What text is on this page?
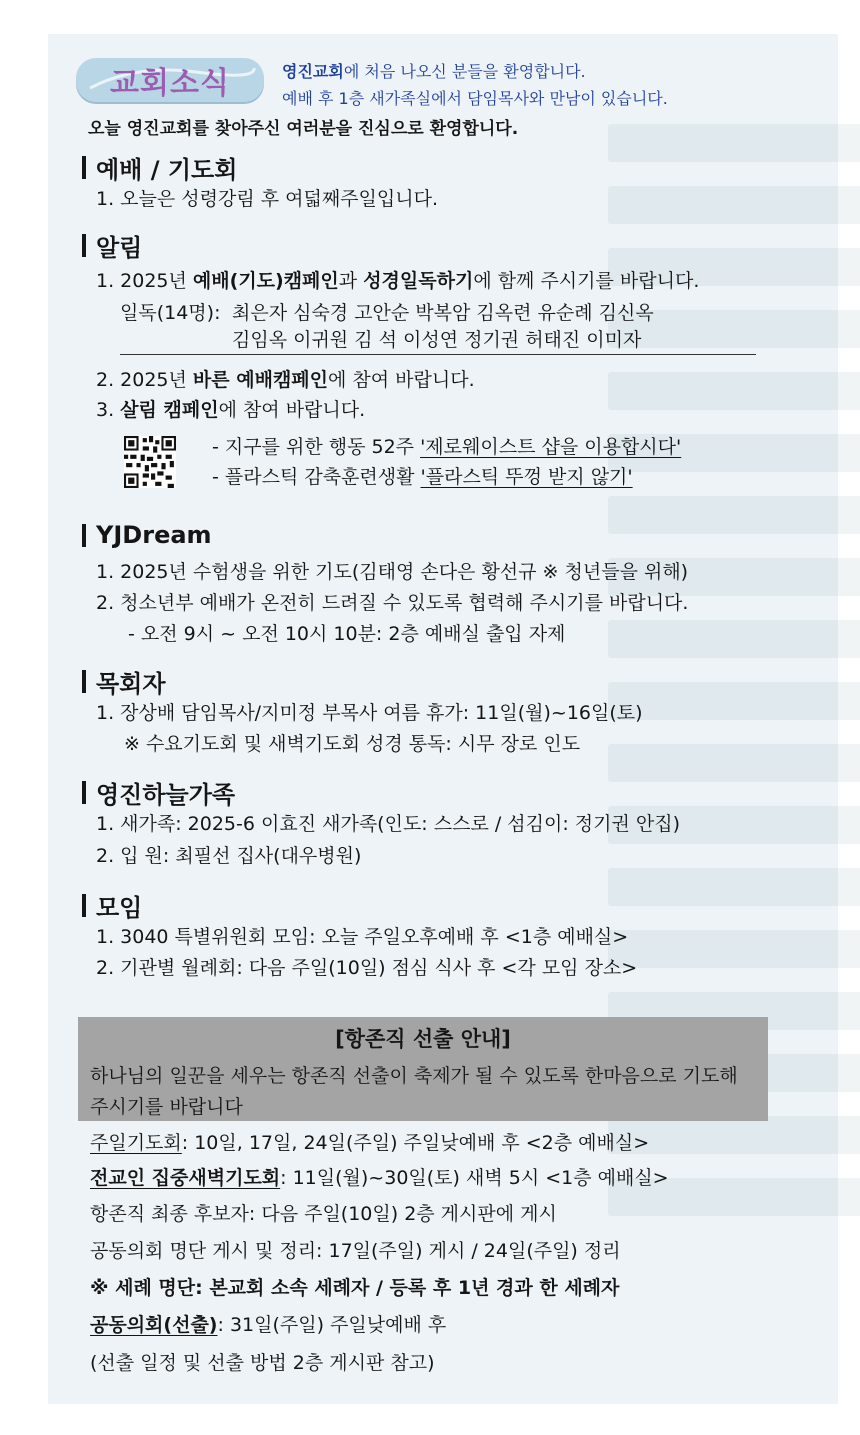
교회소식	영진교회에 처음 나오신 분들을 환영합니다.
예배 후 1층 새가족실에서 담임목사와 만남이 있습니다.
오늘 영진교회를 찾아주신 여러분을 진심으로 환영합니다.
예배 / 기도회
1. 오늘은 성령강림 후 여덟째주일입니다.
알림
1. 2025년 예배(기도)캠페인과 성경일독하기에 함께 주시기를 바랍니다.
일독(14명): 최은자 심숙경 고안순 박복암 김옥련 유순례 김신옥
김임옥 이귀원 김 석 이성연 정기권 허태진 이미자
2. 2025년 바른 예배캠페인에 참여 바랍니다.
3. 살림 캠페인에 참여 바랍니다.
- 지구를 위한 행동 52주 '제로웨이스트 샵을 이용합시다'
- 플라스틱 감축훈련생활 '플라스틱 뚜껑 받지 않기'
YJDream
1. 2025년 수험생을 위한 기도(김태영 손다은 황선규 ※ 청년들을 위해)
2. 청소년부 예배가 온전히 드려질 수 있도록 협력해 주시기를 바랍니다.
- 오전 9시 ~ 오전 10시 10분: 2층 예배실 출입 자제
목회자
1. 장상배 담임목사/지미정 부목사 여름 휴가: 11일(월)~16일(토)
※ 수요기도회 및 새벽기도회 성경 통독: 시무 장로 인도
영진하늘가족
1. 새가족: 2025-6 이효진 새가족(인도: 스스로 / 섬김이: 정기권 안집)
2. 입 원: 최필선 집사(대우병원)
모임
1. 3040 특별위원회 모임: 오늘 주일오후예배 후 <1층 예배실>
2. 기관별 월례회: 다음 주일(10일) 점심 식사 후 <각 모임 장소>
[항존직 선출 안내]
하나님의 일꾼을 세우는 항존직 선출이 축제가 될 수 있도록 한마음으로 기도해 주시기를 바랍니다
주일기도회: 10일, 17일, 24일(주일) 주일낮예배 후 <2층 예배실>
전교인 집중새벽기도회: 11일(월)~30일(토) 새벽 5시 <1층 예배실>
항존직 최종 후보자: 다음 주일(10일) 2층 게시판에 게시
공동의회 명단 게시 및 정리: 17일(주일) 게시 / 24일(주일) 정리
※ 세례 명단: 본교회 소속 세례자 / 등록 후 1년 경과 한 세례자
공동의회(선출): 31일(주일) 주일낮예배 후
(선출 일정 및 선출 방법 2층 게시판 참고)
